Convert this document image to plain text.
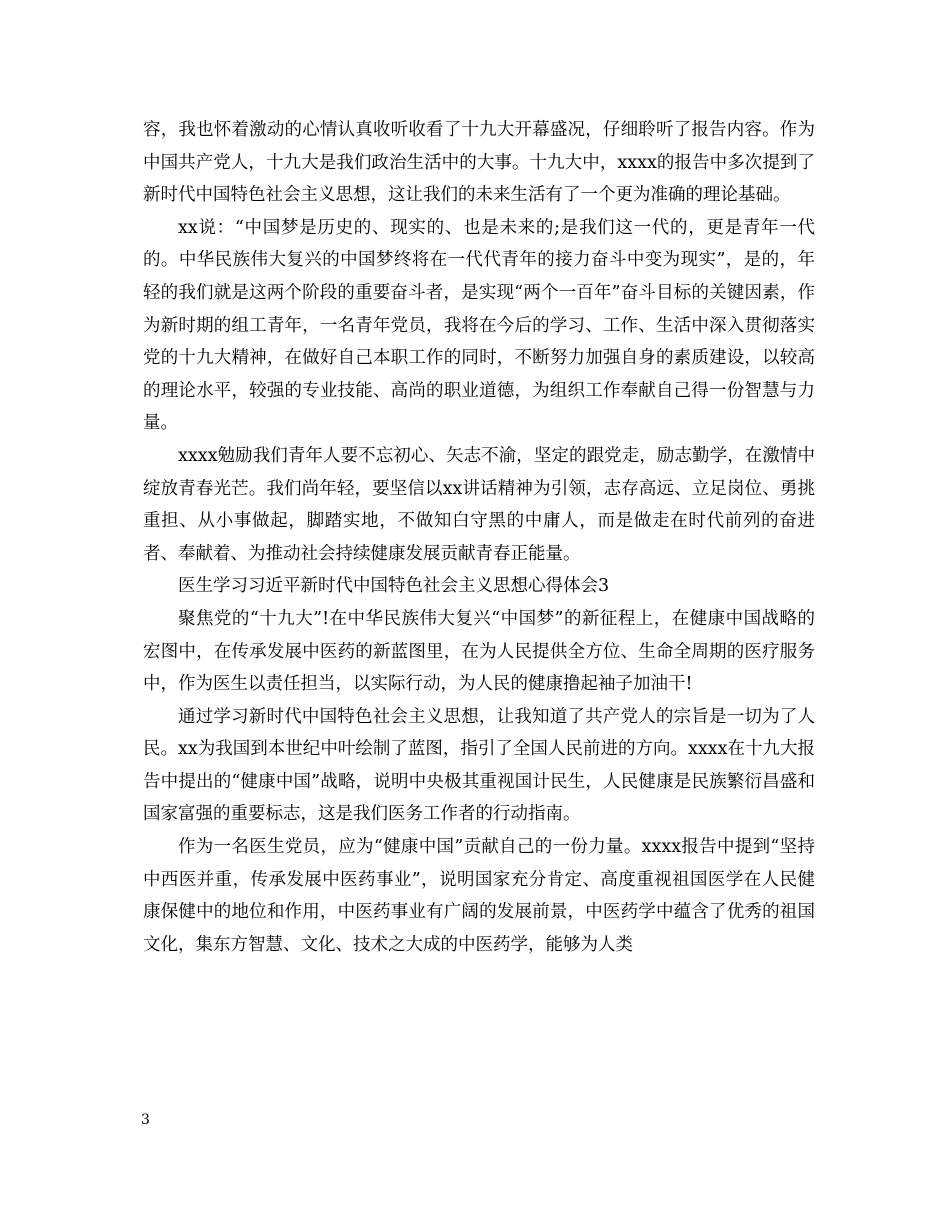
容，我也怀着激动的心情认真收听收看了十九大开幕盛况，仔细聆听了报告内容。作为中国共产党人，十九大是我们政治生活中的大事。十九大中，xxxx的报告中多次提到了新时代中国特色社会主义思想，这让我们的未来生活有了一个更为准确的理论基础。

xx说：“中国梦是历史的、现实的、也是未来的;是我们这一代的，更是青年一代的。中华民族伟大复兴的中国梦终将在一代代青年的接力奋斗中变为现实”，是的，年轻的我们就是这两个阶段的重要奋斗者，是实现“两个一百年”奋斗目标的关键因素，作为新时期的组工青年，一名青年党员，我将在今后的学习、工作、生活中深入贯彻落实党的十九大精神，在做好自己本职工作的同时，不断努力加强自身的素质建设，以较高的理论水平，较强的专业技能、高尚的职业道德，为组织工作奉献自己得一份智慧与力量。

xxxx勉励我们青年人要不忘初心、矢志不渝，坚定的跟党走，励志勤学，在激情中绽放青春光芒。我们尚年轻，要坚信以xx讲话精神为引领，志存高远、立足岗位、勇挑重担、从小事做起，脚踏实地，不做知白守黑的中庸人，而是做走在时代前列的奋进者、奉献着、为推动社会持续健康发展贡献青春正能量。

医生学习习近平新时代中国特色社会主义思想心得体会3

聚焦党的“十九大”!在中华民族伟大复兴“中国梦”的新征程上，在健康中国战略的宏图中，在传承发展中医药的新蓝图里，在为人民提供全方位、生命全周期的医疗服务中，作为医生以责任担当，以实际行动，为人民的健康撸起袖子加油干!

通过学习新时代中国特色社会主义思想，让我知道了共产党人的宗旨是一切为了人民。xx为我国到本世纪中叶绘制了蓝图，指引了全国人民前进的方向。xxxx在十九大报告中提出的“健康中国”战略，说明中央极其重视国计民生，人民健康是民族繁衍昌盛和国家富强的重要标志，这是我们医务工作者的行动指南。

作为一名医生党员，应为“健康中国”贡献自己的一份力量。xxxx报告中提到“坚持中西医并重，传承发展中医药事业”，说明国家充分肯定、高度重视祖国医学在人民健康保健中的地位和作用，中医药事业有广阔的发展前景，中医药学中蕴含了优秀的祖国文化，集东方智慧、文化、技术之大成的中医药学，能够为人类

3
